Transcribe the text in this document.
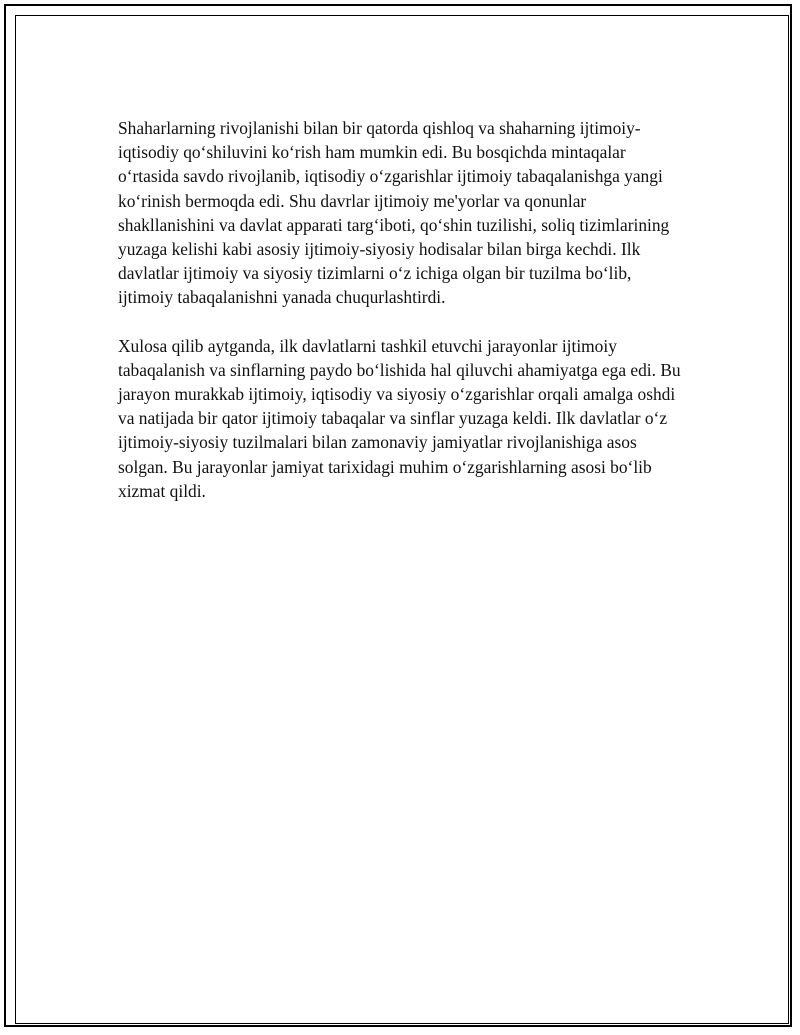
Shaharlarning rivojlanishi bilan bir qatorda qishloq va shaharning ijtimoiy-iqtisodiy qo‘shiluvini ko‘rish ham mumkin edi. Bu bosqichda mintaqalar o‘rtasida savdo rivojlanib, iqtisodiy o‘zgarishlar ijtimoiy tabaqalanishga yangi ko‘rinish bermoqda edi. Shu davrlar ijtimoiy me'yorlar va qonunlar shakllanishini va davlat apparati targ‘iboti, qo‘shin tuzilishi, soliq tizimlarining yuzaga kelishi kabi asosiy ijtimoiy-siyosiy hodisalar bilan birga kechdi. Ilk davlatlar ijtimoiy va siyosiy tizimlarni o‘z ichiga olgan bir tuzilma bo‘lib, ijtimoiy tabaqalanishni yanada chuqurlashtirdi.

Xulosa qilib aytganda, ilk davlatlarni tashkil etuvchi jarayonlar ijtimoiy tabaqalanish va sinflarning paydo bo‘lishida hal qiluvchi ahamiyatga ega edi. Bu jarayon murakkab ijtimoiy, iqtisodiy va siyosiy o‘zgarishlar orqali amalga oshdi va natijada bir qator ijtimoiy tabaqalar va sinflar yuzaga keldi. Ilk davlatlar o‘z ijtimoiy-siyosiy tuzilmalari bilan zamonaviy jamiyatlar rivojlanishiga asos solgan. Bu jarayonlar jamiyat tarixidagi muhim o‘zgarishlarning asosi bo‘lib xizmat qildi.
